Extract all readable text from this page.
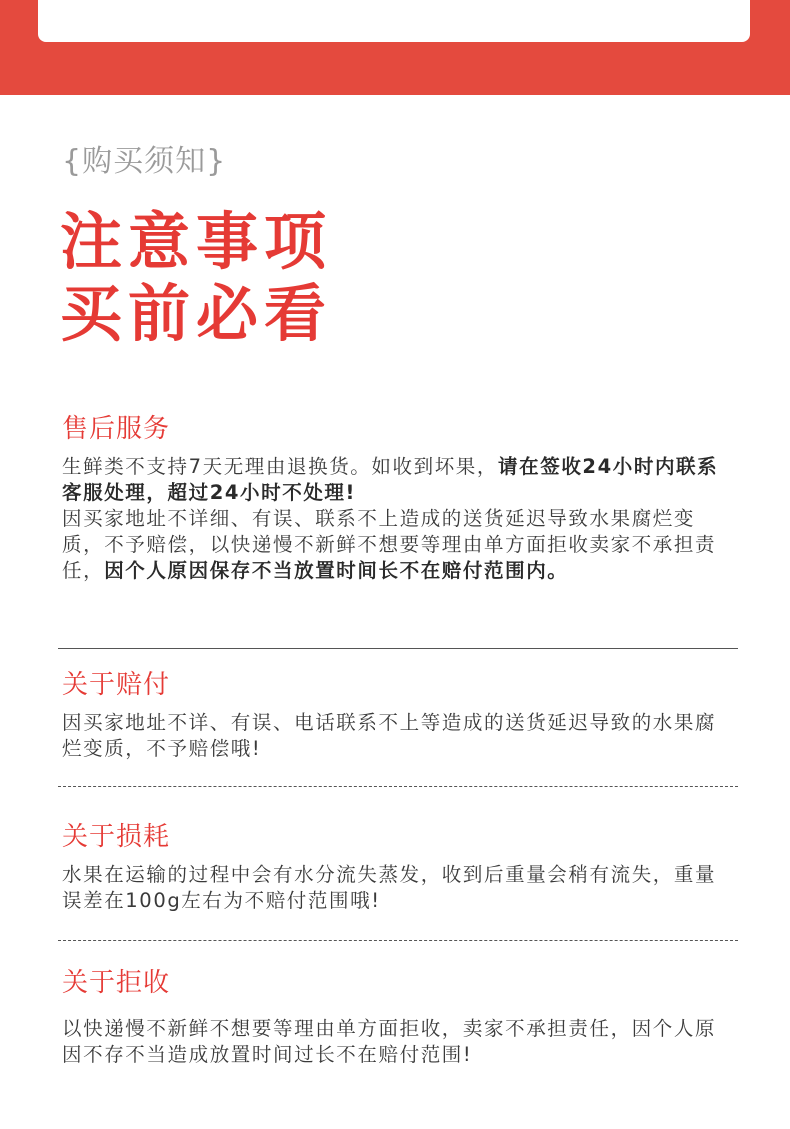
{购买须知}
注意事项
买前必看
售后服务
生鲜类不支持7天无理由退换货。如收到坏果，请在签收24小时内联系客服处理，超过24小时不处理!
因买家地址不详细、有误、联系不上造成的送货延迟导致水果腐烂变质，不予赔偿，以快递慢不新鲜不想要等理由单方面拒收卖家不承担责任，因个人原因保存不当放置时间长不在赔付范围内。
关于赔付
因买家地址不详、有误、电话联系不上等造成的送货延迟导致的水果腐烂变质，不予赔偿哦!
关于损耗
水果在运输的过程中会有水分流失蒸发，收到后重量会稍有流失，重量误差在100g左右为不赔付范围哦!
关于拒收
以快递慢不新鲜不想要等理由单方面拒收，卖家不承担责任，因个人原因不存不当造成放置时间过长不在赔付范围!
